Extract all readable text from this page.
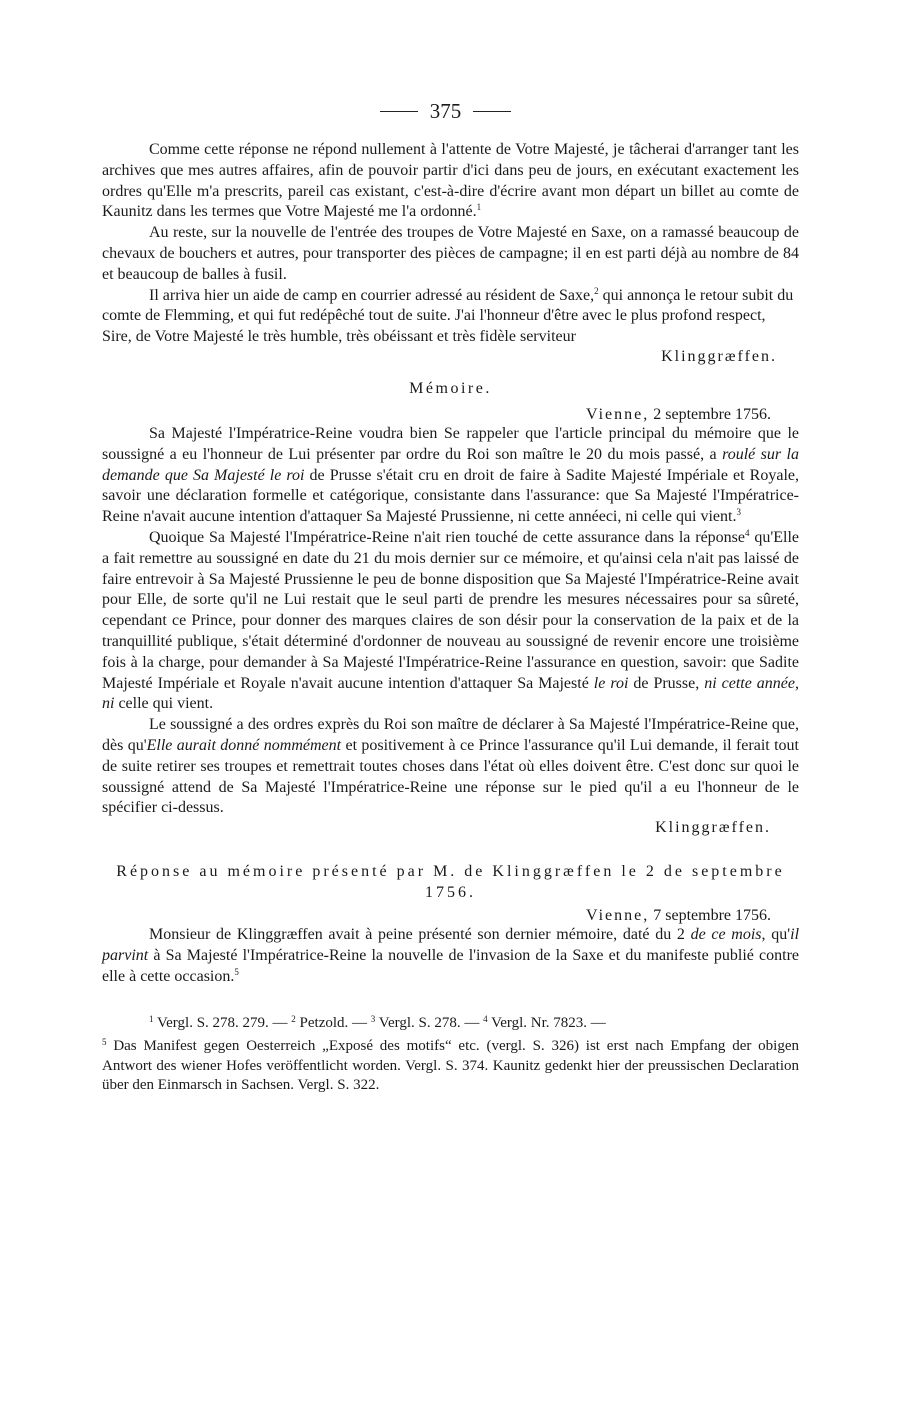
375

Comme cette réponse ne répond nullement à l'attente de Votre Majesté, je tâcherai d'arranger tant les archives que mes autres affaires, afin de pouvoir partir d'ici dans peu de jours, en exécutant exactement les ordres qu'Elle m'a prescrits, pareil cas existant, c'est-à-dire d'écrire avant mon départ un billet au comte de Kaunitz dans les termes que Votre Majesté me l'a ordonné.$^1$

Au reste, sur la nouvelle de l'entrée des troupes de Votre Majesté en Saxe, on a ramassé beaucoup de chevaux de bouchers et autres, pour transporter des pièces de campagne; il en est parti déjà au nombre de 84 et beaucoup de balles à fusil.

Il arriva hier un aide de camp en courrier adressé au résident de Saxe,$^2$ qui annonça le retour subit du comte de Flemming, et qui fut redépêché tout de suite. J'ai l'honneur d'être avec le plus profond respect, Sire, de Votre Majesté le très humble, très obéissant et très fidèle serviteur

Klinggræffen.
Mémoire.
Vienne, 2 septembre 1756.

Sa Majesté l'Impératrice-Reine voudra bien Se rappeler que l'article principal du mémoire que le soussigné a eu l'honneur de Lui présenter par ordre du Roi son maître le 20 du mois passé, a roulé sur la demande que Sa Majesté le roi de Prusse s'était cru en droit de faire à Sadite Majesté Impériale et Royale, savoir une déclaration formelle et catégorique, consistante dans l'assurance: que Sa Majesté l'Impératrice-Reine n'avait aucune intention d'attaquer Sa Majesté Prussienne, ni cette annéeci, ni celle qui vient.$^3$

Quoique Sa Majesté l'Impératrice-Reine n'ait rien touché de cette assurance dans la réponse$^4$ qu'Elle a fait remettre au soussigné en date du 21 du mois dernier sur ce mémoire, et qu'ainsi cela n'ait pas laissé de faire entrevoir à Sa Majesté Prussienne le peu de bonne disposition que Sa Majesté l'Impératrice-Reine avait pour Elle, de sorte qu'il ne Lui restait que le seul parti de prendre les mesures nécessaires pour sa sûreté, cependant ce Prince, pour donner des marques claires de son désir pour la conservation de la paix et de la tranquillité publique, s'était déterminé d'ordonner de nouveau au soussigné de revenir encore une troisième fois à la charge, pour demander à Sa Majesté l'Impératrice-Reine l'assurance en question, savoir: que Sadite Majesté Impériale et Royale n'avait aucune intention d'attaquer Sa Majesté le roi de Prusse, ni cette année, ni celle qui vient.

Le soussigné a des ordres exprès du Roi son maître de déclarer à Sa Majesté l'Impératrice-Reine que, dès qu'Elle aurait donné nommément et positivement à ce Prince l'assurance qu'il Lui demande, il ferait tout de suite retirer ses troupes et remettrait toutes choses dans l'état où elles doivent être. C'est donc sur quoi le soussigné attend de Sa Majesté l'Impératrice-Reine une réponse sur le pied qu'il a eu l'honneur de le spécifier ci-dessus.

Klinggræffen.
Réponse au mémoire présenté par M. de Klinggræffen le 2 de septembre 1756.
Vienne, 7 septembre 1756.

Monsieur de Klinggræffen avait à peine présenté son dernier mémoire, daté du 2 de ce mois, qu'il parvint à Sa Majesté l'Impératrice-Reine la nouvelle de l'invasion de la Saxe et du manifeste publié contre elle à cette occasion.$^5$

$^1$ Vergl. S. 278. 279. — $^2$ Petzold. — $^3$ Vergl. S. 278. — $^4$ Vergl. Nr. 7823. —

$^5$ Das Manifest gegen Oesterreich „Exposé des motifs“ etc. (vergl. S. 326) ist erst nach Empfang der obigen Antwort des wiener Hofes veröffentlicht worden. Vergl. S. 374. Kaunitz gedenkt hier der preussischen Declaration über den Einmarsch in Sachsen. Vergl. S. 322.
